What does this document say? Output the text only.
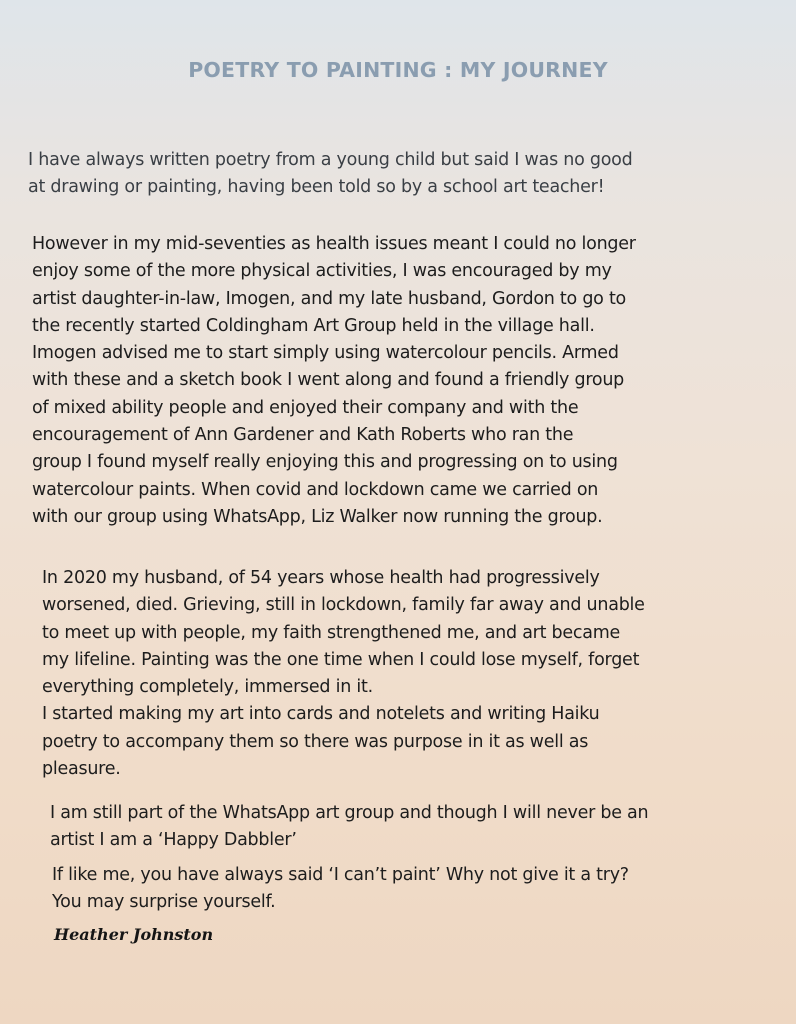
POETRY TO PAINTING : MY JOURNEY

I have always written poetry from a young child but said I was no good
at drawing or painting, having been told so by a school art teacher!

However in my mid-seventies as health issues meant I could no longer
enjoy some of the more physical activities, I was encouraged by my
artist daughter-in-law, Imogen, and my late husband, Gordon to go to
the recently started Coldingham Art Group held in the village hall.
Imogen advised me to start simply using watercolour pencils. Armed
with these and a sketch book I went along and found a friendly group
of mixed ability people and enjoyed their company and with the
encouragement of Ann Gardener and Kath Roberts who ran the
group I found myself really enjoying this and progressing on to using
watercolour paints. When covid and lockdown came we carried on
with our group using WhatsApp, Liz Walker now running the group.

In 2020 my husband, of 54 years whose health had progressively
worsened, died. Grieving, still in lockdown, family far away and unable
to meet up with people, my faith strengthened me, and art became
my lifeline. Painting was the one time when I could lose myself, forget
everything completely, immersed in it.
I started making my art into cards and notelets and writing Haiku
poetry to accompany them so there was purpose in it as well as
pleasure.

I am still part of the WhatsApp art group and though I will never be an
artist I am a ‘Happy Dabbler’

If like me, you have always said ‘I can’t paint’ Why not give it a try?
You may surprise yourself.

Heather Johnston
